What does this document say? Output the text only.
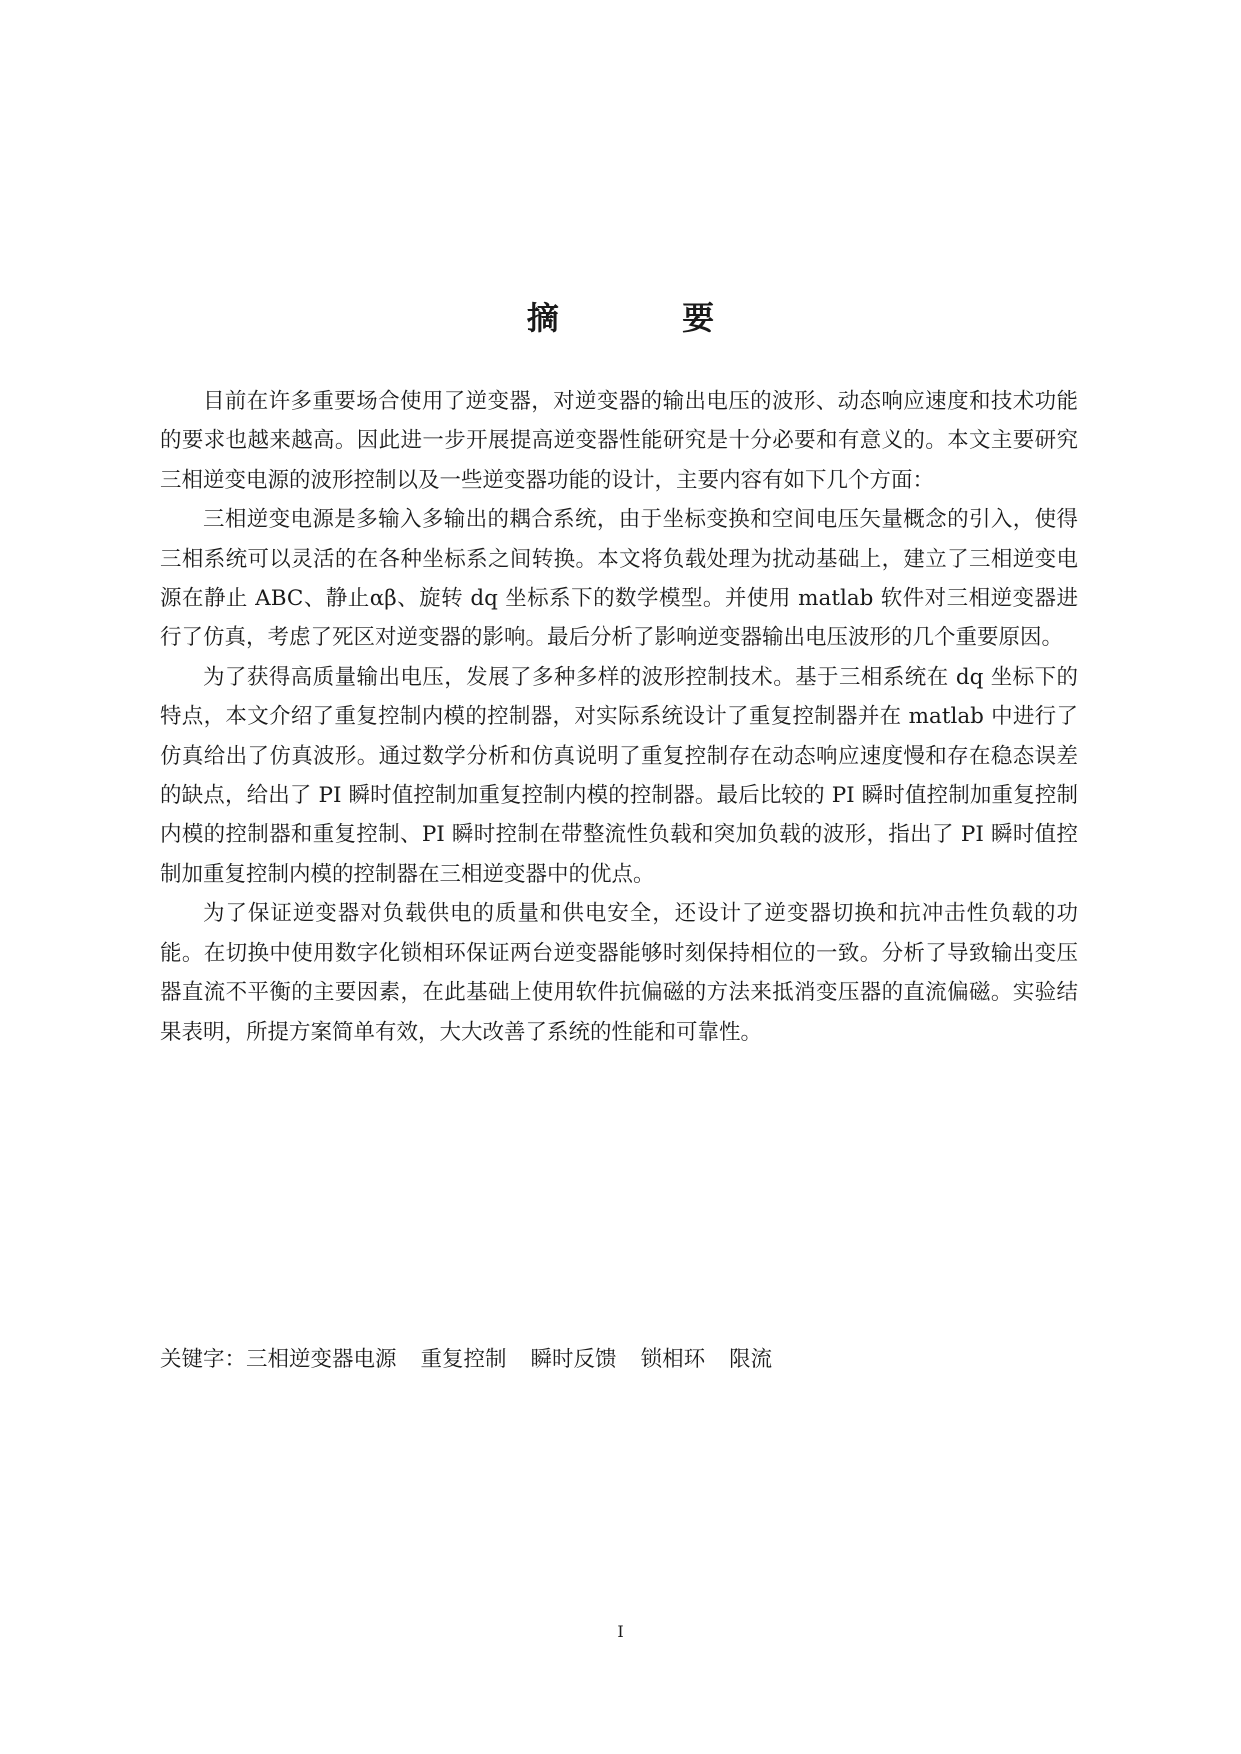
摘 要

目前在许多重要场合使用了逆变器，对逆变器的输出电压的波形、动态响应速度和技术功能的要求也越来越高。因此进一步开展提高逆变器性能研究是十分必要和有意义的。本文主要研究三相逆变电源的波形控制以及一些逆变器功能的设计，主要内容有如下几个方面：

三相逆变电源是多输入多输出的耦合系统，由于坐标变换和空间电压矢量概念的引入，使得三相系统可以灵活的在各种坐标系之间转换。本文将负载处理为扰动基础上，建立了三相逆变电源在静止 ABC、静止αβ、旋转 dq 坐标系下的数学模型。并使用 matlab 软件对三相逆变器进行了仿真，考虑了死区对逆变器的影响。最后分析了影响逆变器输出电压波形的几个重要原因。

为了获得高质量输出电压，发展了多种多样的波形控制技术。基于三相系统在 dq 坐标下的特点，本文介绍了重复控制内模的控制器，对实际系统设计了重复控制器并在 matlab 中进行了仿真给出了仿真波形。通过数学分析和仿真说明了重复控制存在动态响应速度慢和存在稳态误差的缺点，给出了 PI 瞬时值控制加重复控制内模的控制器。最后比较的 PI 瞬时值控制加重复控制内模的控制器和重复控制、PI 瞬时控制在带整流性负载和突加负载的波形，指出了 PI 瞬时值控制加重复控制内模的控制器在三相逆变器中的优点。

为了保证逆变器对负载供电的质量和供电安全，还设计了逆变器切换和抗冲击性负载的功能。在切换中使用数字化锁相环保证两台逆变器能够时刻保持相位的一致。分析了导致输出变压器直流不平衡的主要因素，在此基础上使用软件抗偏磁的方法来抵消变压器的直流偏磁。实验结果表明，所提方案简单有效，大大改善了系统的性能和可靠性。

关键字：三相逆变器电源 重复控制 瞬时反馈 锁相环 限流
I
